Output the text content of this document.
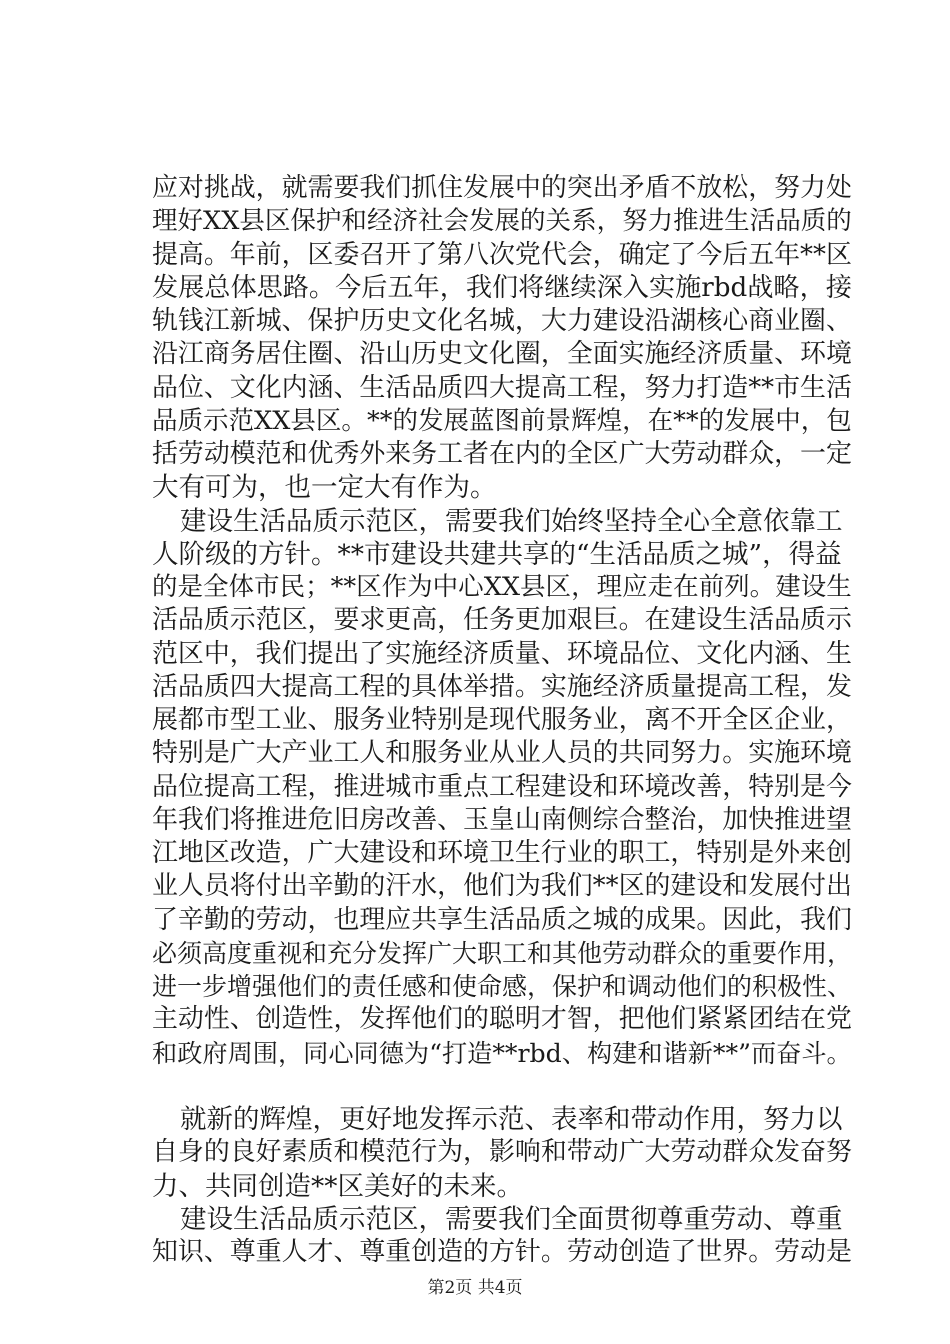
应对挑战，就需要我们抓住发展中的突出矛盾不放松，努力处
理好XX县区保护和经济社会发展的关系，努力推进生活品质的
提高。年前，区委召开了第八次党代会，确定了今后五年**区
发展总体思路。今后五年，我们将继续深入实施rbd战略，接
轨钱江新城、保护历史文化名城，大力建设沿湖核心商业圈、
沿江商务居住圈、沿山历史文化圈，全面实施经济质量、环境
品位、文化内涵、生活品质四大提高工程，努力打造**市生活
品质示范XX县区。**的发展蓝图前景辉煌，在**的发展中，包
括劳动模范和优秀外来务工者在内的全区广大劳动群众，一定
大有可为，也一定大有作为。
建设生活品质示范区，需要我们始终坚持全心全意依靠工
人阶级的方针。**市建设共建共享的“生活品质之城”，得益
的是全体市民；**区作为中心XX县区，理应走在前列。建设生
活品质示范区，要求更高，任务更加艰巨。在建设生活品质示
范区中，我们提出了实施经济质量、环境品位、文化内涵、生
活品质四大提高工程的具体举措。实施经济质量提高工程，发
展都市型工业、服务业特别是现代服务业，离不开全区企业，
特别是广大产业工人和服务业从业人员的共同努力。实施环境
品位提高工程，推进城市重点工程建设和环境改善，特别是今
年我们将推进危旧房改善、玉皇山南侧综合整治，加快推进望
江地区改造，广大建设和环境卫生行业的职工，特别是外来创
业人员将付出辛勤的汗水，他们为我们**区的建设和发展付出
了辛勤的劳动，也理应共享生活品质之城的成果。因此，我们
必须高度重视和充分发挥广大职工和其他劳动群众的重要作用，
进一步增强他们的责任感和使命感，保护和调动他们的积极性、
主动性、创造性，发挥他们的聪明才智，把他们紧紧团结在党
和政府周围，同心同德为“打造**rbd、构建和谐新**”而奋斗。
就新的辉煌，更好地发挥示范、表率和带动作用，努力以
自身的良好素质和模范行为，影响和带动广大劳动群众发奋努
力、共同创造**区美好的未来。
建设生活品质示范区，需要我们全面贯彻尊重劳动、尊重
知识、尊重人才、尊重创造的方针。劳动创造了世界。劳动是
第2页 共4页
